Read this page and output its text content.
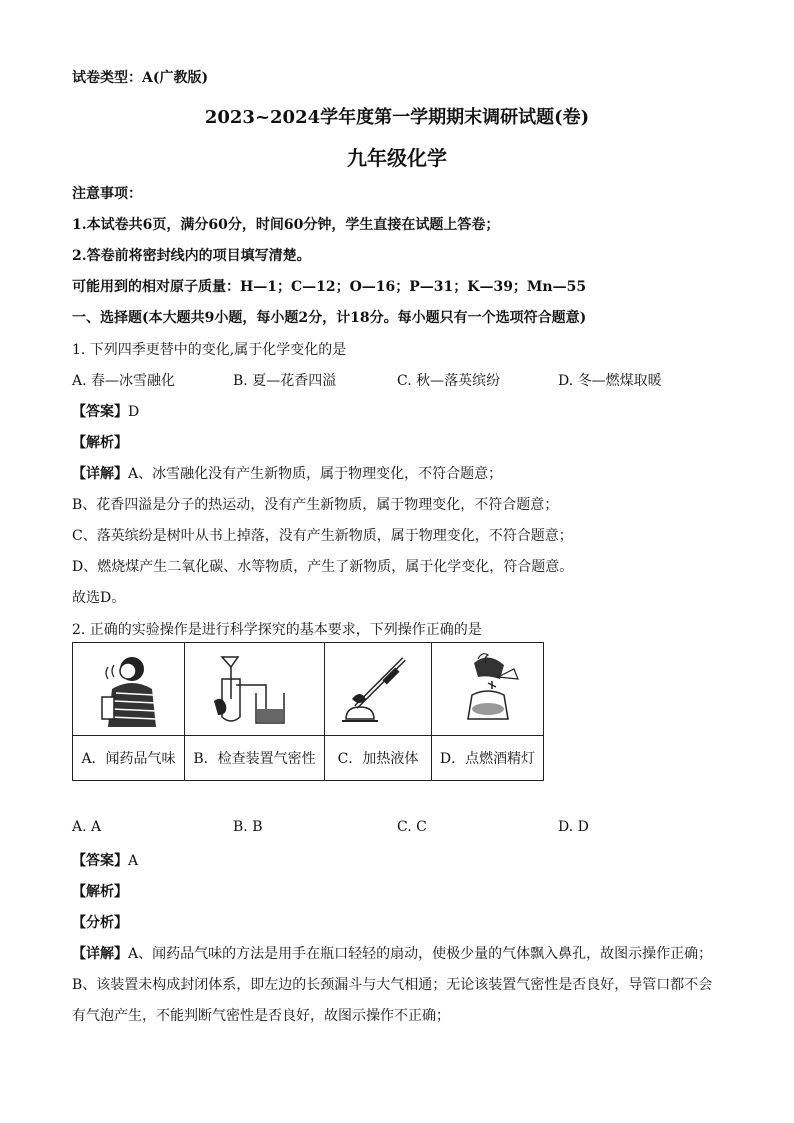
试卷类型：A(广教版)
2023~2024学年度第一学期期末调研试题(卷)
九年级化学
注意事项：
1.本试卷共6页，满分60分，时间60分钟，学生直接在试题上答卷；
2.答卷前将密封线内的项目填写清楚。
可能用到的相对原子质量：H—1；C—12；O—16；P—31；K—39；Mn—55
一、选择题(本大题共9小题，每小题2分，计18分。每小题只有一个选项符合题意)
1. 下列四季更替中的变化,属于化学变化的是
A. 春—冰雪融化	B. 夏—花香四溢	C. 秋—落英缤纷	D. 冬—燃煤取暖
【答案】D
【解析】
【详解】A、冰雪融化没有产生新物质，属于物理变化，不符合题意；
B、花香四溢是分子的热运动，没有产生新物质，属于物理变化，不符合题意；
C、落英缤纷是树叶从书上掉落，没有产生新物质，属于物理变化，不符合题意；
D、燃烧煤产生二氧化碳、水等物质，产生了新物质，属于化学变化，符合题意。
故选D。
2. 正确的实验操作是进行科学探究的基本要求，下列操作正确的是

A．闻药品气味	B．检查装置气密性	C．加热液体	D．点燃酒精灯
A. A	B. B	C. C	D. D
【答案】A
【解析】
【分析】
【详解】A、闻药品气味的方法是用手在瓶口轻轻的扇动，使极少量的气体飘入鼻孔，故图示操作正确；
B、该装置未构成封闭体系，即左边的长颈漏斗与大气相通；无论该装置气密性是否良好，导管口都不会
有气泡产生，不能判断气密性是否良好，故图示操作不正确；
